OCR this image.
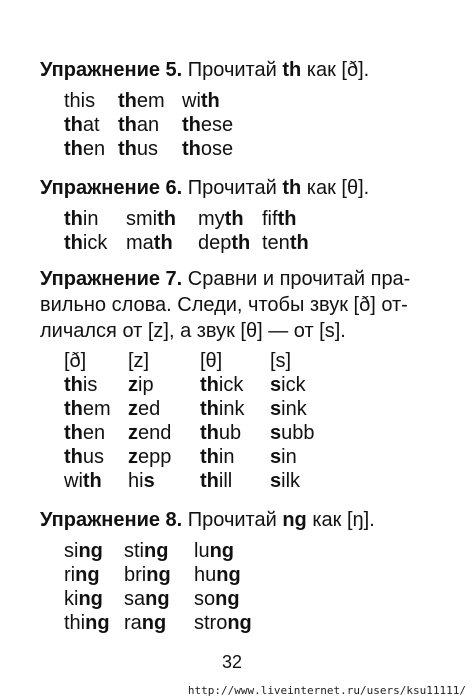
Упражнение 5. Прочитай th как [ð].
this them with
that than these
then thus those
Упражнение 6. Прочитай th как [θ].
thin smith myth fifth
thick math depth tenth
Упражнение 7. Сравни и прочитай пра-
вильно слова. Следи, чтобы звук [ð] от-
личался от [z], а звук [θ] — от [s].
[ð] [z]	[θ] [s]
this zip thick sick
them zed think sink
then zend thub subb
thus zepp thin sin
with his thill silk
Упражнение 8. Прочитай ng как [ŋ].
sing sting lung
ring bring hung
king sang song
thing rang strong
32
http://www.liveinternet.ru/users/ksu11111/
